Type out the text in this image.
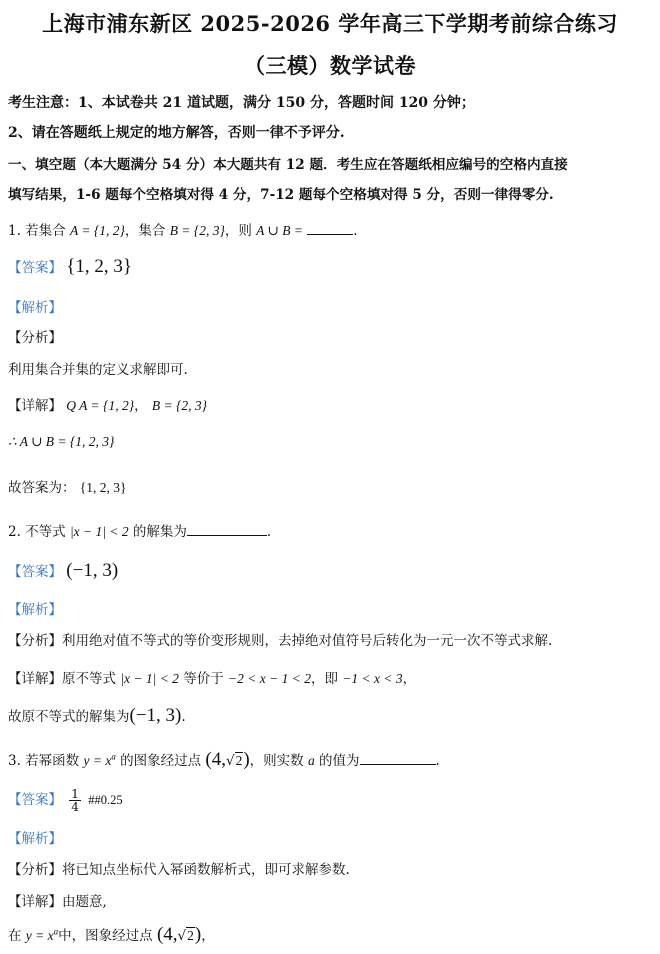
上海市浦东新区 2025-2026 学年高三下学期考前综合练习
（三模）数学试卷
考生注意：1、本试卷共 21 道试题，满分 150 分，答题时间 120 分钟；
2、请在答题纸上规定的地方解答，否则一律不予评分.
一、填空题（本大题满分 54 分）本大题共有 12 题．考生应在答题纸相应编号的空格内直接
填写结果，1-6 题每个空格填对得 4 分，7-12 题每个空格填对得 5 分，否则一律得零分.
1. 若集合 A = {1, 2}，集合 B = {2, 3}，则 A ∪ B =	.
【答案】 {1, 2, 3}
【解析】
【分析】
利用集合并集的定义求解即可.
【详解】 Q A = {1, 2}， B = {2, 3}
∴ A ∪ B = {1, 2, 3}
故答案为： {1, 2, 3}
2. 不等式 |x − 1| < 2 的解集为	.
【答案】 (−1, 3)
【解析】
【分析】利用绝对值不等式的等价变形规则，去掉绝对值符号后转化为一元一次不等式求解.
【详解】原不等式 |x − 1| < 2 等价于 −2 < x − 1 < 2，即 −1 < x < 3，
故原不等式的解集为(−1, 3).
3. 若幂函数 $y = x^a$ 的图象经过点 (4,√2)，则实数 a 的值为	.
【答案】 $\frac{1}{4}$ ##0.25
【解析】
【分析】将已知点坐标代入幂函数解析式，即可求解参数.
【详解】由题意,
在 $y = x^a$中，图象经过点 (4,√2)，
